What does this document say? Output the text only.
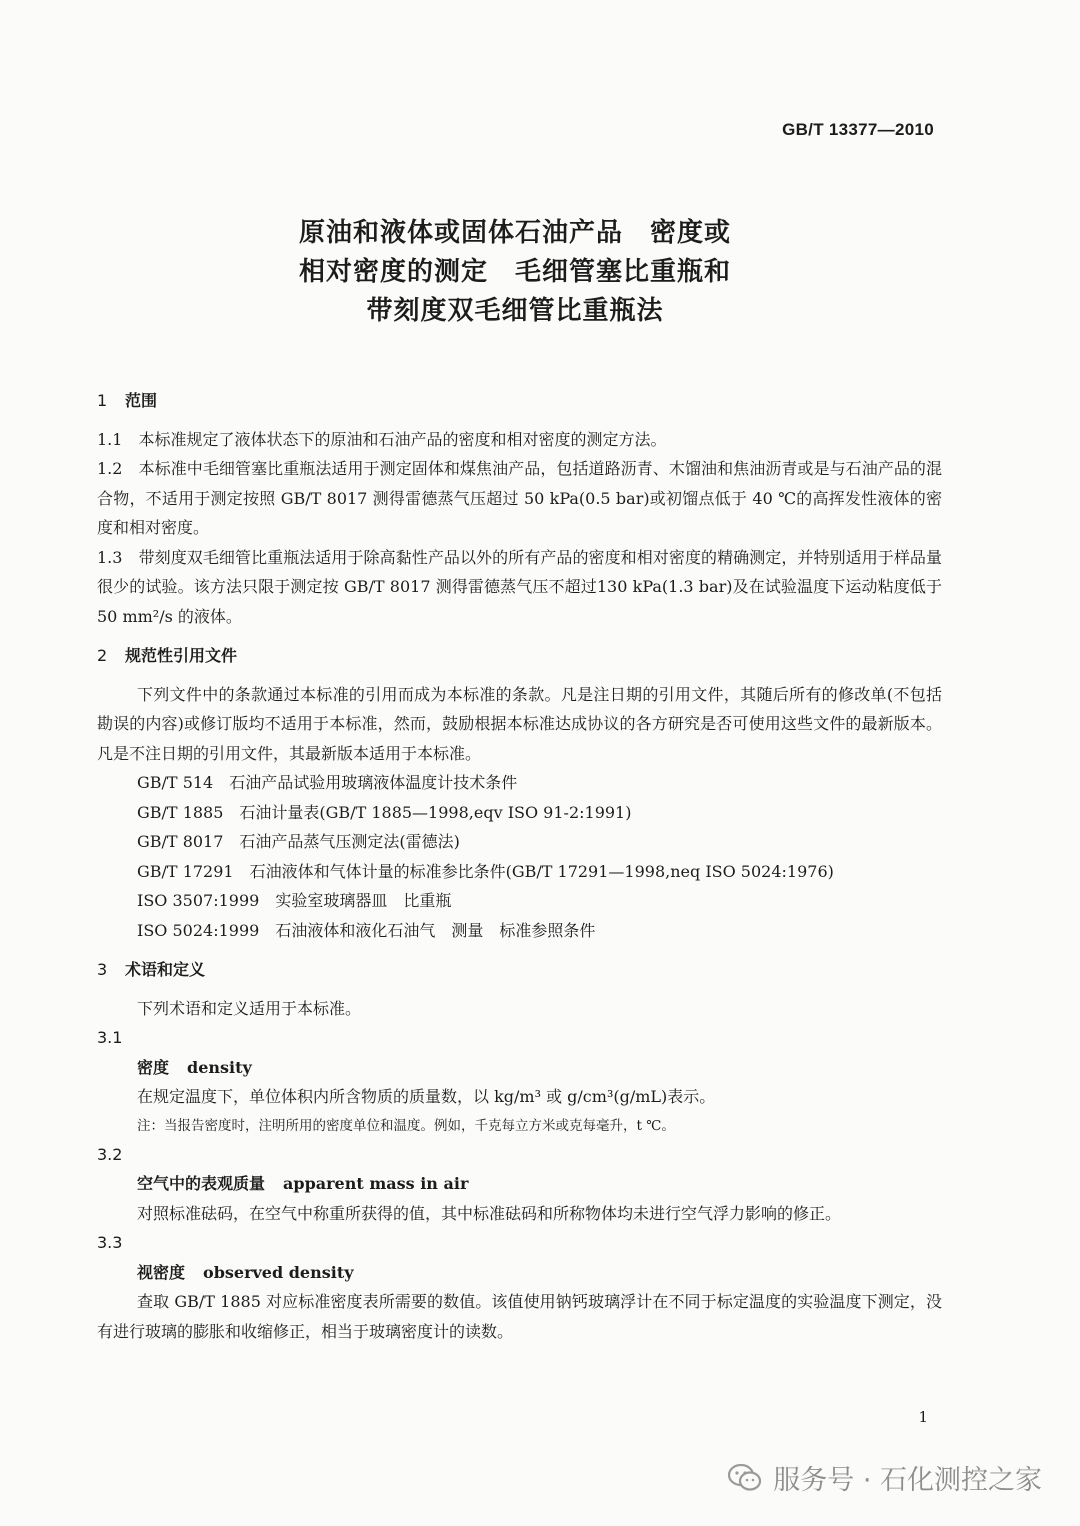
GB/T 13377—2010
原油和液体或固体石油产品　密度或
相对密度的测定　毛细管塞比重瓶和
带刻度双毛细管比重瓶法
1 范围

1.1　本标准规定了液体状态下的原油和石油产品的密度和相对密度的测定方法。

1.2　本标准中毛细管塞比重瓶法适用于测定固体和煤焦油产品，包括道路沥青、木馏油和焦油沥青或是与石油产品的混合物，不适用于测定按照 GB/T 8017 测得雷德蒸气压超过 50 kPa(0.5 bar)或初馏点低于 40 ℃的高挥发性液体的密度和相对密度。

1.3　带刻度双毛细管比重瓶法适用于除高黏性产品以外的所有产品的密度和相对密度的精确测定，并特别适用于样品量很少的试验。该方法只限于测定按 GB/T 8017 测得雷德蒸气压不超过130 kPa(1.3 bar)及在试验温度下运动粘度低于 50 mm²/s 的液体。

2 规范性引用文件

下列文件中的条款通过本标准的引用而成为本标准的条款。凡是注日期的引用文件，其随后所有的修改单(不包括勘误的内容)或修订版均不适用于本标准，然而，鼓励根据本标准达成协议的各方研究是否可使用这些文件的最新版本。凡是不注日期的引用文件，其最新版本适用于本标准。

GB/T 514　石油产品试验用玻璃液体温度计技术条件
GB/T 1885　石油计量表(GB/T 1885—1998,eqv ISO 91-2:1991)
GB/T 8017　石油产品蒸气压测定法(雷德法)
GB/T 17291　石油液体和气体计量的标准参比条件(GB/T 17291—1998,neq ISO 5024:1976)
ISO 3507:1999　实验室玻璃器皿　比重瓶
ISO 5024:1999　石油液体和液化石油气　测量　标准参照条件
3 术语和定义

下列术语和定义适用于本标准。

3.1
密度 density
在规定温度下，单位体积内所含物质的质量数，以 kg/m³ 或 g/cm³(g/mL)表示。
注：当报告密度时，注明所用的密度单位和温度。例如，千克每立方米或克每毫升，t ℃。
3.2
空气中的表观质量 apparent mass in air

对照标准砝码，在空气中称重所获得的值，其中标准砝码和所称物体均未进行空气浮力影响的修正。

3.3
视密度 observed density

查取 GB/T 1885 对应标准密度表所需要的数值。该值使用钠钙玻璃浮计在不同于标定温度的实验温度下测定，没有进行玻璃的膨胀和收缩修正，相当于玻璃密度计的读数。

1
服务号 · 石化测控之家
